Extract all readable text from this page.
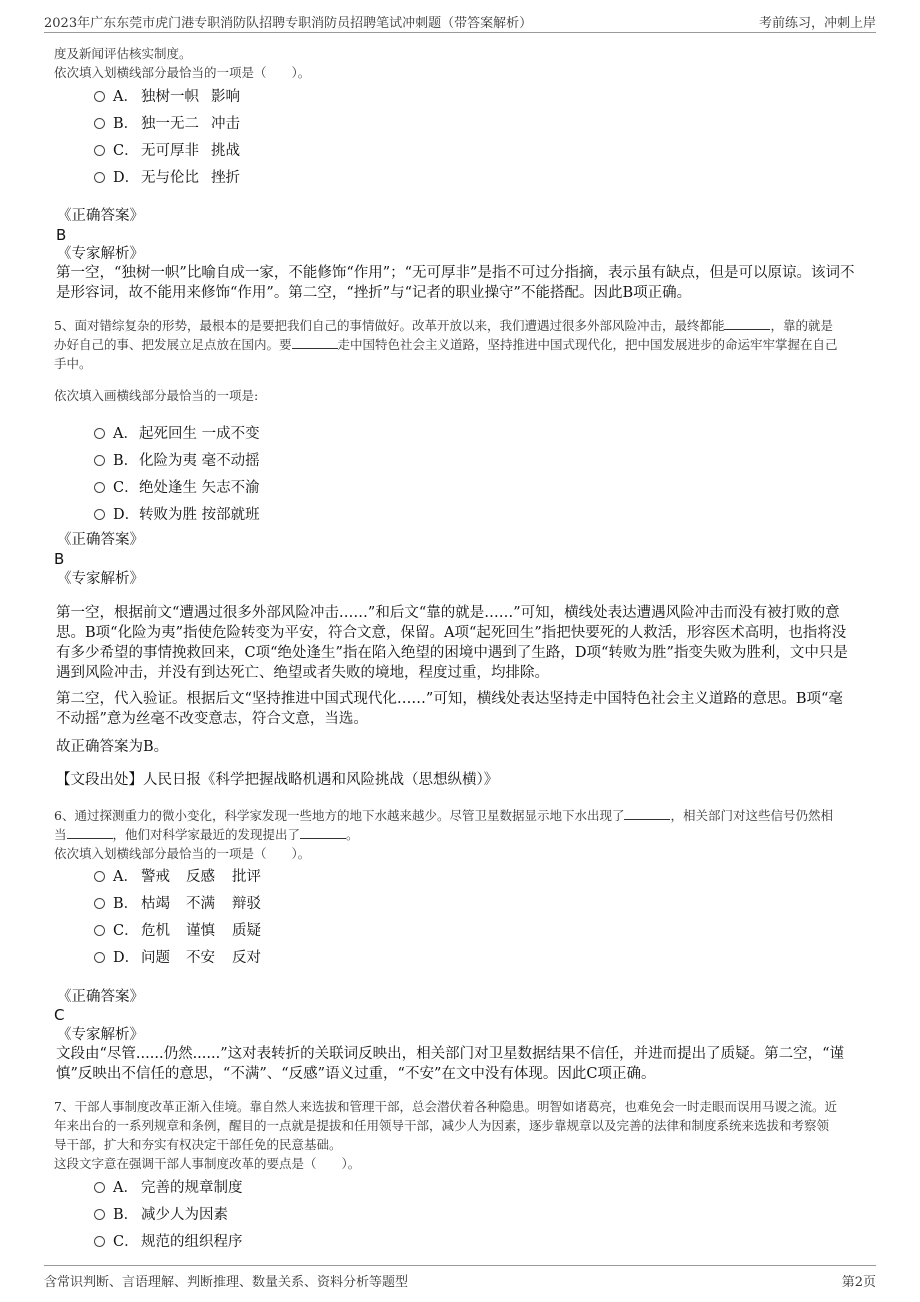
2023年广东东莞市虎门港专职消防队招聘专职消防员招聘笔试冲刺题（带答案解析）	考前练习，冲刺上岸
度及新闻评估核实制度。
依次填入划横线部分最恰当的一项是（　　）。
A． 独树一帜 影响
B． 独一无二 冲击
C． 无可厚非 挑战
D． 无与伦比 挫折
《正确答案》
B
《专家解析》
第一空，“独树一帜”比喻自成一家，不能修饰“作用”；“无可厚非”是指不可过分指摘，表示虽有缺点，但是可以原谅。该词不
是形容词，故不能用来修饰“作用”。第二空，“挫折”与“记者的职业操守”不能搭配。因此B项正确。
5、面对错综复杂的形势，最根本的是要把我们自己的事情做好。改革开放以来，我们遭遇过很多外部风险冲击，最终都能	，靠的就是
办好自己的事、把发展立足点放在国内。要	走中国特色社会主义道路，坚持推进中国式现代化，把中国发展进步的命运牢牢掌握在自己
手中。
依次填入画横线部分最恰当的一项是:
A．起死回生 一成不变
B．化险为夷 毫不动摇
C．绝处逢生 矢志不渝
D．转败为胜 按部就班
《正确答案》
B
《专家解析》
第一空，根据前文“遭遇过很多外部风险冲击……”和后文“靠的就是……”可知，横线处表达遭遇风险冲击而没有被打败的意
思。B项“化险为夷”指使危险转变为平安，符合文意，保留。A项“起死回生”指把快要死的人救活，形容医术高明，也指将没
有多少希望的事情挽救回来，C项“绝处逢生”指在陷入绝望的困境中遇到了生路，D项“转败为胜”指变失败为胜利，文中只是
遇到风险冲击，并没有到达死亡、绝望或者失败的境地，程度过重，均排除。
第二空，代入验证。根据后文“坚持推进中国式现代化……”可知，横线处表达坚持走中国特色社会主义道路的意思。B项“毫
不动摇”意为丝毫不改变意志，符合文意，当选。
故正确答案为B。
【文段出处】人民日报《科学把握战略机遇和风险挑战（思想纵横）》
6、通过探测重力的微小变化，科学家发现一些地方的地下水越来越少。尽管卫星数据显示地下水出现了	，相关部门对这些信号仍然相
当	，他们对科学家最近的发现提出了	。
依次填入划横线部分最恰当的一项是（　　）。
A． 警戒 反感 批评
B． 枯竭 不满 辩驳
C． 危机 谨慎 质疑
D． 问题 不安 反对
《正确答案》
C
《专家解析》
文段由“尽管......仍然......”这对表转折的关联词反映出，相关部门对卫星数据结果不信任，并进而提出了质疑。第二空，“谨
慎”反映出不信任的意思，“不满”、“反感”语义过重，“不安”在文中没有体现。因此C项正确。
7、干部人事制度改革正渐入佳境。靠自然人来选拔和管理干部，总会潜伏着各种隐患。明智如诸葛亮，也难免会一时走眼而误用马谡之流。近
年来出台的一系列规章和条例，醒目的一点就是提拔和任用领导干部，减少人为因素，逐步靠规章以及完善的法律和制度系统来选拔和考察领
导干部，扩大和夯实有权决定干部任免的民意基础。
这段文字意在强调干部人事制度改革的要点是（　　）。
A． 完善的规章制度
B． 减少人为因素
C． 规范的组织程序
含常识判断、言语理解、判断推理、数量关系、资料分析等题型	第2页
